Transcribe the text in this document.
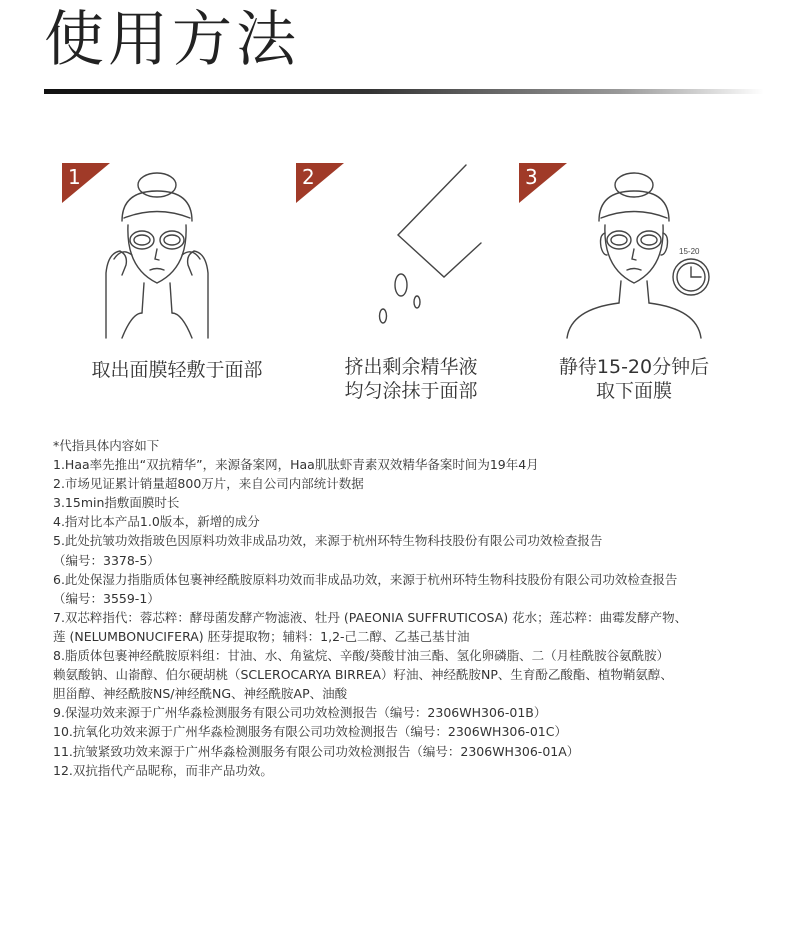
使用方法
1
取出面膜轻敷于面部
2
挤出剩余精华液
均匀涂抹于面部
15-20
3
静待15-20分钟后
取下面膜
*代指具体内容如下
1.Haa率先推出“双抗精华”，来源备案网，Haa肌肽虾青素双效精华备案时间为19年4月
2.市场见证累计销量超800万片，来自公司内部统计数据
3.15min指敷面膜时长
4.指对比本产品1.0版本，新增的成分
5.此处抗皱功效指玻色因原料功效非成品功效，来源于杭州环特生物科技股份有限公司功效检查报告
（编号：3378-5）
6.此处保湿力指脂质体包裹神经酰胺原料功效而非成品功效，来源于杭州环特生物科技股份有限公司功效检查报告
（编号：3559-1）
7.双芯粹指代：蓉芯粹：酵母菌发酵产物滤液、牡丹 (PAEONIA SUFFRUTICOSA) 花水；莲芯粹：曲霉发酵产物、
莲 (NELUMBONUCIFERA) 胚芽提取物；辅料：1,2-己二醇、乙基己基甘油
8.脂质体包裹神经酰胺原料组：甘油、水、角鲨烷、辛酸/葵酸甘油三酯、氢化卵磷脂、二（月桂酰胺谷氨酰胺）
赖氨酸钠、山嵛醇、伯尔硬胡桃（SCLEROCARYA BIRREA）籽油、神经酰胺NP、生育酚乙酸酯、植物鞘氨醇、
胆甾醇、神经酰胺NS/神经酰NG、神经酰胺AP、油酸
9.保湿功效来源于广州华淼检测服务有限公司功效检测报告（编号：2306WH306-01B）
10.抗氧化功效来源于广州华淼检测服务有限公司功效检测报告（编号：2306WH306-01C）
11.抗皱紧致功效来源于广州华淼检测服务有限公司功效检测报告（编号：2306WH306-01A）
12.双抗指代产品昵称，而非产品功效。
